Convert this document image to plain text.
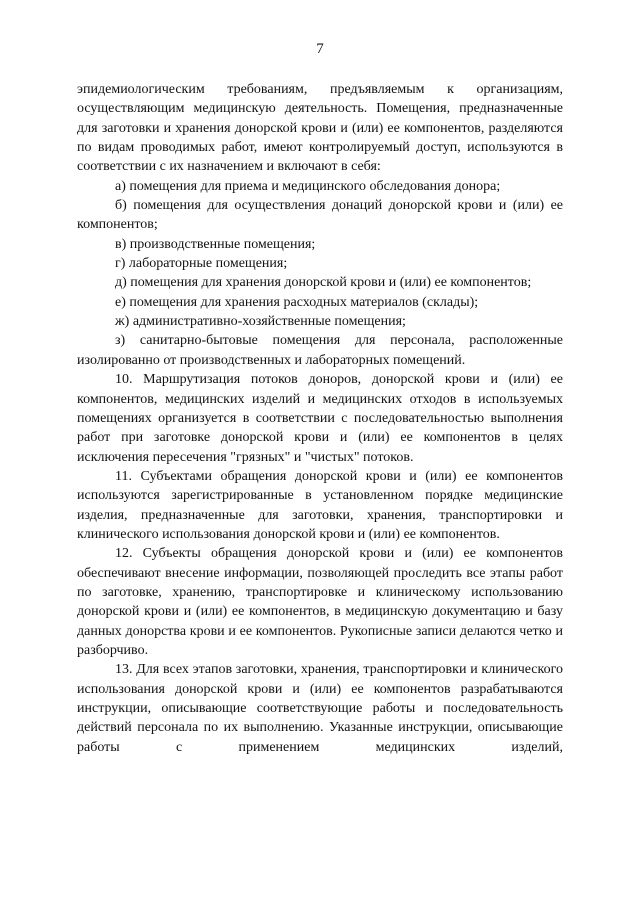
7

эпидемиологическим требованиям, предъявляемым к организациям, осуществляющим медицинскую деятельность. Помещения, предназначенные для заготовки и хранения донорской крови и (или) ее компонентов, разделяются по видам проводимых работ, имеют контролируемый доступ, используются в соответствии с их назначением и включают в себя:

а) помещения для приема и медицинского обследования донора;

б) помещения для осуществления донаций донорской крови и (или) ее компонентов;

в) производственные помещения;

г) лабораторные помещения;

д) помещения для хранения донорской крови и (или) ее компонентов;

е) помещения для хранения расходных материалов (склады);

ж) административно-хозяйственные помещения;

з) санитарно-бытовые помещения для персонала, расположенные изолированно от производственных и лабораторных помещений.

10. Маршрутизация потоков доноров, донорской крови и (или) ее компонентов, медицинских изделий и медицинских отходов в используемых помещениях организуется в соответствии с последовательностью выполнения работ при заготовке донорской крови и (или) ее компонентов в целях исключения пересечения "грязных" и "чистых" потоков.

11. Субъектами обращения донорской крови и (или) ее компонентов используются зарегистрированные в установленном порядке медицинские изделия, предназначенные для заготовки, хранения, транспортировки и клинического использования донорской крови и (или) ее компонентов.

12. Субъекты обращения донорской крови и (или) ее компонентов обеспечивают внесение информации, позволяющей проследить все этапы работ по заготовке, хранению, транспортировке и клиническому использованию донорской крови и (или) ее компонентов, в медицинскую документацию и базу данных донорства крови и ее компонентов. Рукописные записи делаются четко и разборчиво.

13. Для всех этапов заготовки, хранения, транспортировки и клинического использования донорской крови и (или) ее компонентов разрабатываются инструкции, описывающие соответствующие работы и последовательность действий персонала по их выполнению. Указанные инструкции, описывающие работы с применением медицинских изделий,
